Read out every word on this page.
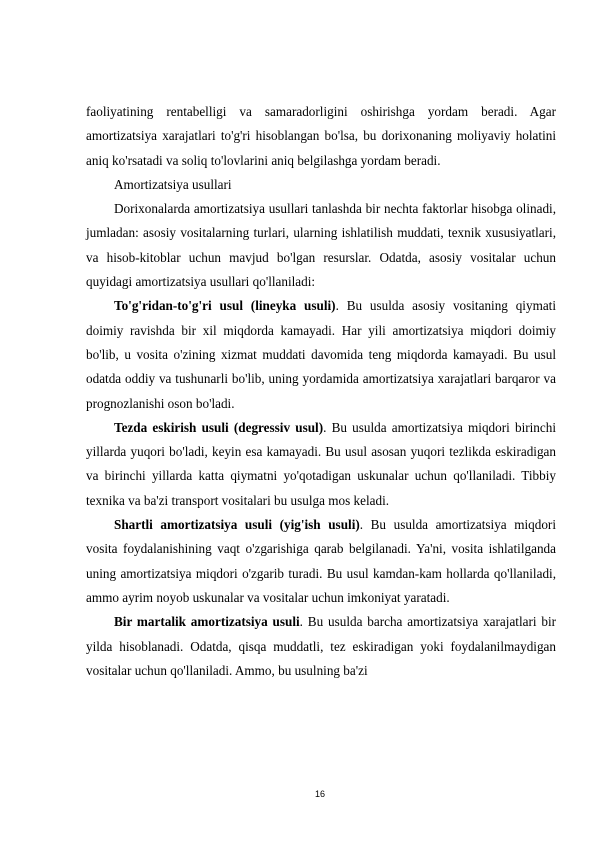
faoliyatining rentabelligi va samaradorligini oshirishga yordam beradi. Agar amortizatsiya xarajatlari to'g'ri hisoblangan bo'lsa, bu dorixonaning moliyaviy holatini aniq ko'rsatadi va soliq to'lovlarini aniq belgilashga yordam beradi.

Amortizatsiya usullari

Dorixonalarda amortizatsiya usullari tanlashda bir nechta faktorlar hisobga olinadi, jumladan: asosiy vositalarning turlari, ularning ishlatilish muddati, texnik xususiyatlari, va hisob-kitoblar uchun mavjud bo'lgan resurslar. Odatda, asosiy vositalar uchun quyidagi amortizatsiya usullari qo'llaniladi:

To'g'ridan-to'g'ri usul (lineyka usuli). Bu usulda asosiy vositaning qiymati doimiy ravishda bir xil miqdorda kamayadi. Har yili amortizatsiya miqdori doimiy bo'lib, u vosita o'zining xizmat muddati davomida teng miqdorda kamayadi. Bu usul odatda oddiy va tushunarli bo'lib, uning yordamida amortizatsiya xarajatlari barqaror va prognozlanishi oson bo'ladi.

Tezda eskirish usuli (degressiv usul). Bu usulda amortizatsiya miqdori birinchi yillarda yuqori bo'ladi, keyin esa kamayadi. Bu usul asosan yuqori tezlikda eskiradigan va birinchi yillarda katta qiymatni yo'qotadigan uskunalar uchun qo'llaniladi. Tibbiy texnika va ba'zi transport vositalari bu usulga mos keladi.

Shartli amortizatsiya usuli (yig'ish usuli). Bu usulda amortizatsiya miqdori vosita foydalanishining vaqt o'zgarishiga qarab belgilanadi. Ya'ni, vosita ishlatilganda uning amortizatsiya miqdori o'zgarib turadi. Bu usul kamdan-kam hollarda qo'llaniladi, ammo ayrim noyob uskunalar va vositalar uchun imkoniyat yaratadi.

Bir martalik amortizatsiya usuli. Bu usulda barcha amortizatsiya xarajatlari bir yilda hisoblanadi. Odatda, qisqa muddatli, tez eskiradigan yoki foydalanilmaydigan vositalar uchun qo'llaniladi. Ammo, bu usulning ba'zi

16
